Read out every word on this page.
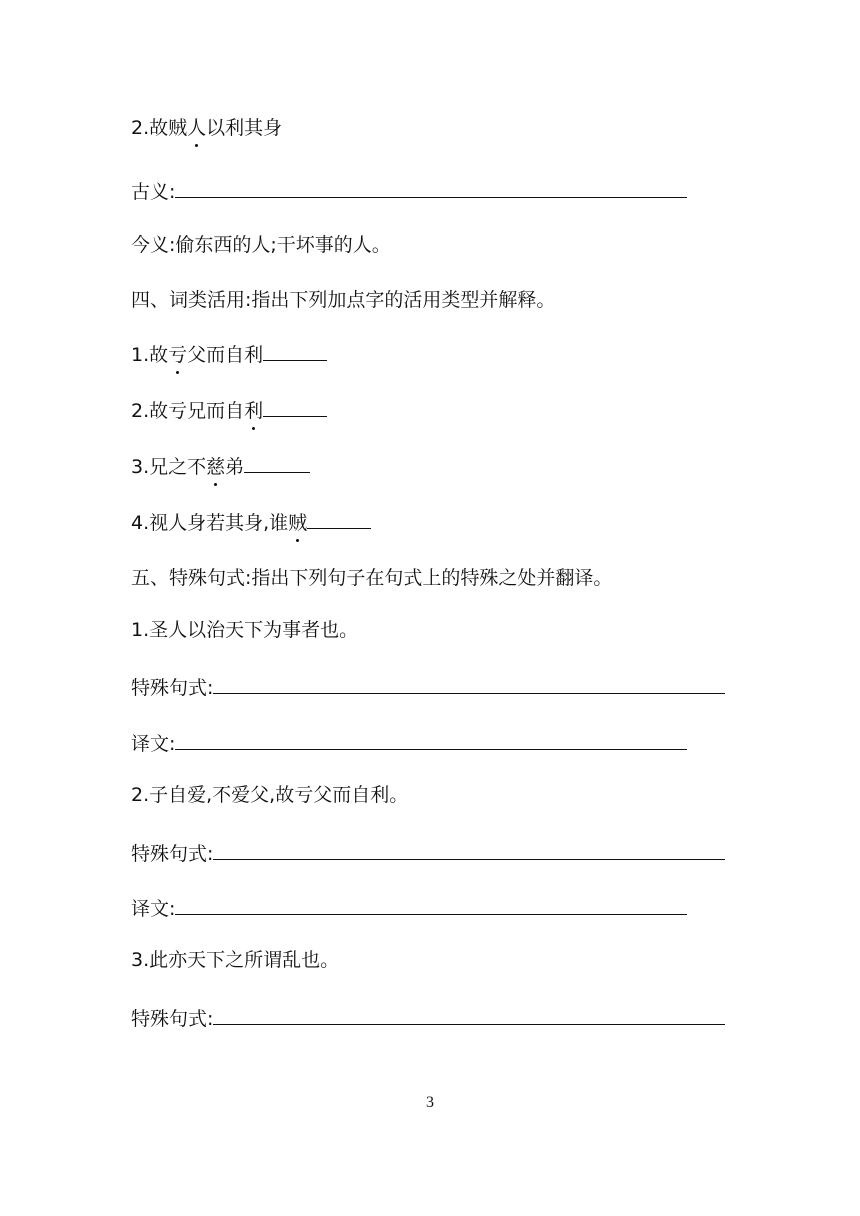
2.故贼人以利其身
古义:
今义:偷东西的人;干坏事的人。
四、词类活用:指出下列加点字的活用类型并解释。
1.故亏父而自利
2.故亏兄而自利
3.兄之不慈弟
4.视人身若其身,谁贼
五、特殊句式:指出下列句子在句式上的特殊之处并翻译。
1.圣人以治天下为事者也。
特殊句式:
译文:
2.子自爱,不爱父,故亏父而自利。
特殊句式:
译文:
3.此亦天下之所谓乱也。
特殊句式:
3
